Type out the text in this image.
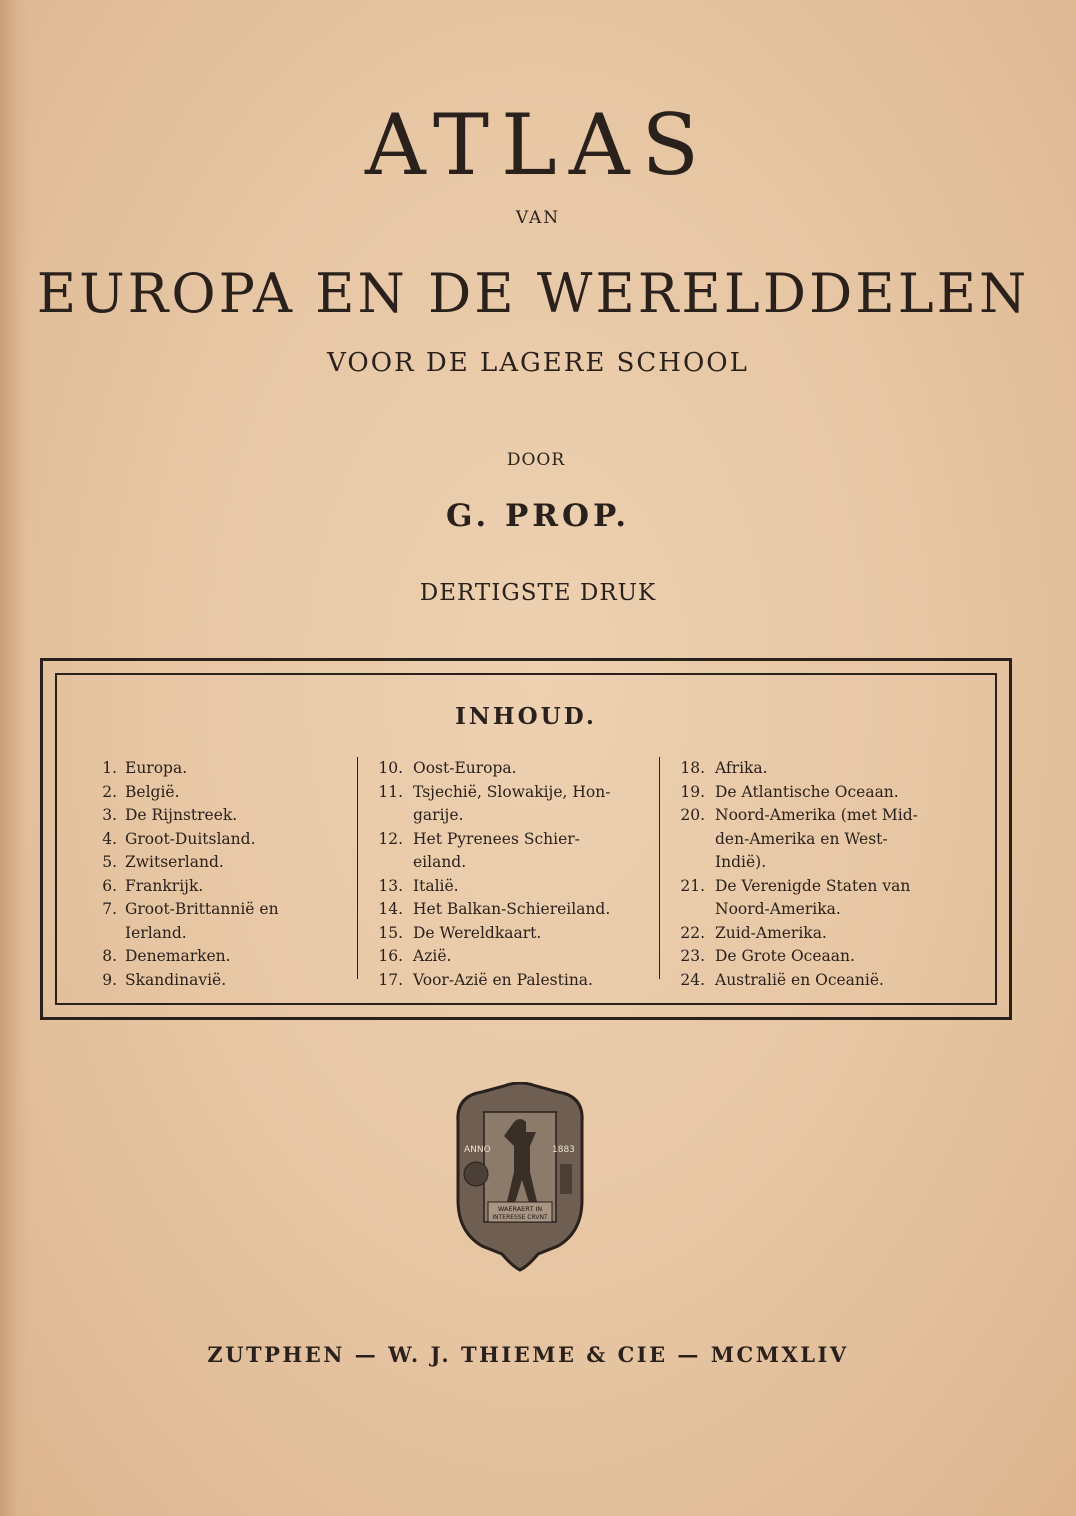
ATLAS
VAN
EUROPA EN DE WERELDDELEN
VOOR DE LAGERE SCHOOL
DOOR
G. PROP.
DERTIGSTE DRUK
INHOUD.
1. Europa.
2. België.
3. De Rijnstreek.
4. Groot-Duitsland.
5. Zwitserland.
6. Frankrijk.
7. Groot-Brittannië en
Ierland.
8. Denemarken.
9. Skandinavië.
10. Oost-Europa.
11. Tsjechië, Slowakije, Hon-
garije.
12. Het Pyrenees Schier-
eiland.
13. Italië.
14. Het Balkan-Schiereiland.
15. De Wereldkaart.
16. Azië.
17. Voor-Azië en Palestina.
18. Afrika.
19. De Atlantische Oceaan.
20. Noord-Amerika (met Mid-
den-Amerika en West-
Indië).
21. De Verenigde Staten van
Noord-Amerika.
22. Zuid-Amerika.
23. De Grote Oceaan.
24. Australië en Oceanië.
ANNO	1883
WAERAERT IN
INTERESSE CRVNT
ZUTPHEN — W. J. THIEME & CIE — MCMXLIV
